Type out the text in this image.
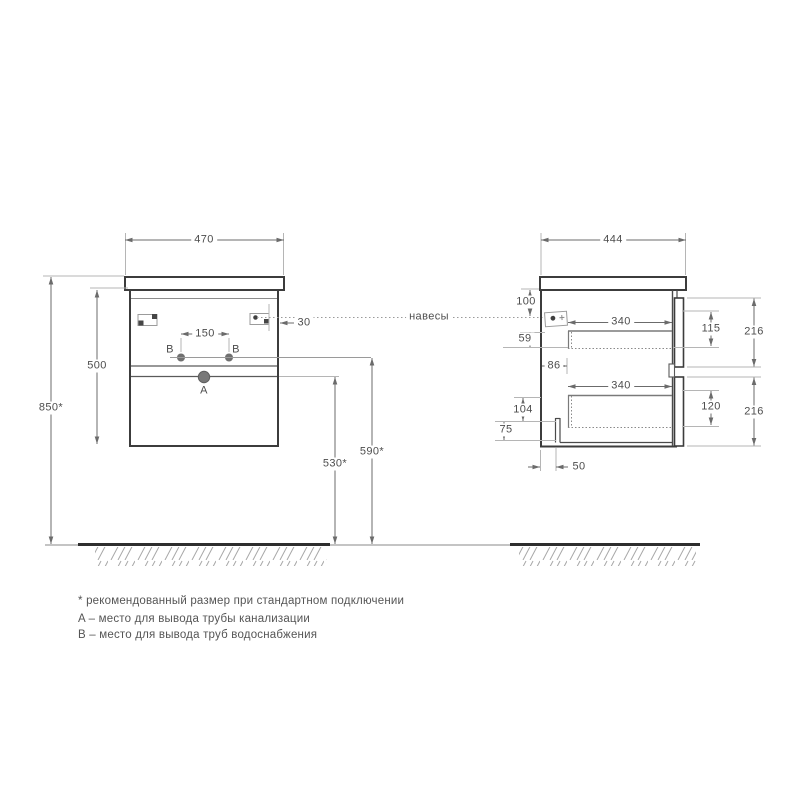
470
500
850*
150
30
B	B
A
530*
590*
444
100
59
86
340
340
115 216
104	120 216
75
50
навесы
* рекомендованный размер при стандартном подключении
A – место для вывода трубы канализации
B – место для вывода труб водоснабжения
